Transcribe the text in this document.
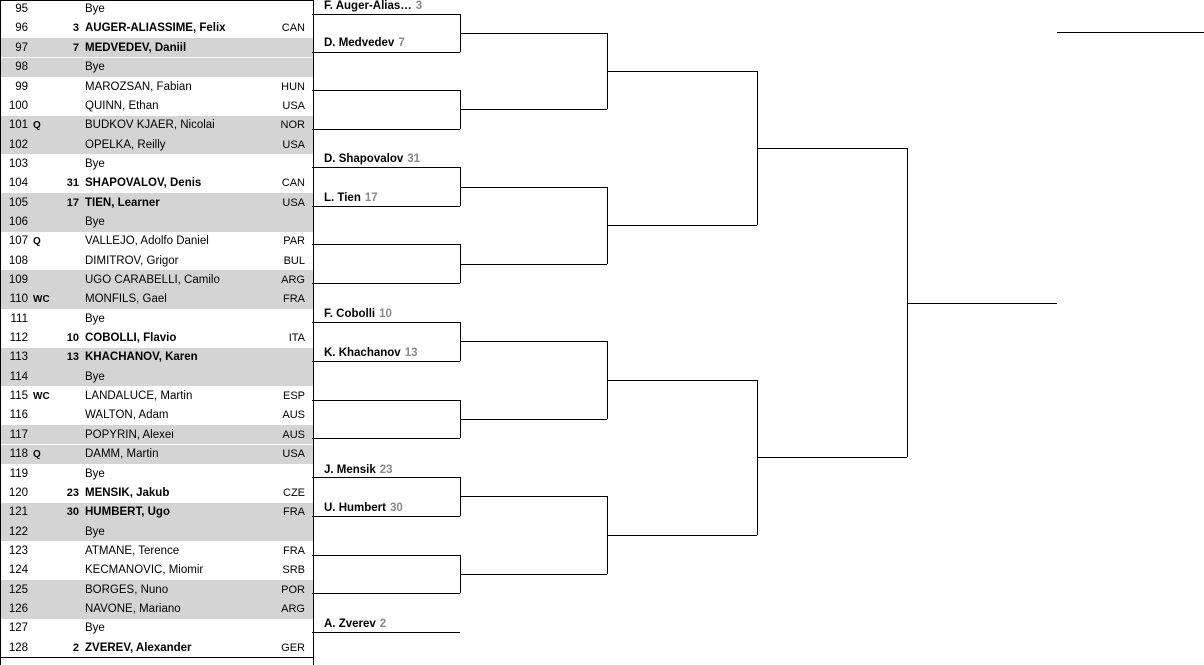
95	Bye
96	3 AUGER-ALIASSIME, Felix	CAN
97	7 MEDVEDEV, Daniil
98	Bye
99	MAROZSAN, Fabian	HUN
100	QUINN, Ethan	USA
101 Q	BUDKOV KJAER, Nicolai	NOR
102	OPELKA, Reilly	USA
103	Bye
104	31 SHAPOVALOV, Denis	CAN
105	17 TIEN, Learner	USA
106	Bye
107 Q	VALLEJO, Adolfo Daniel	PAR
108	DIMITROV, Grigor	BUL
109	UGO CARABELLI, Camilo	ARG
110 WC	MONFILS, Gael	FRA
111	Bye
112	10 COBOLLI, Flavio	ITA
113	13 KHACHANOV, Karen
114	Bye
115 WC	LANDALUCE, Martin	ESP
116	WALTON, Adam	AUS
117	POPYRIN, Alexei	AUS
118 Q	DAMM, Martin	USA
119	Bye
120	23 MENSIK, Jakub	CZE
121	30 HUMBERT, Ugo	FRA
122	Bye
123	ATMANE, Terence	FRA
124	KECMANOVIC, Miomir	SRB
125	BORGES, Nuno	POR
126	NAVONE, Mariano	ARG
127	Bye
128	2 ZVEREV, Alexander	GER
F. Auger-Alias… 3
D. Medvedev 7
D. Shapovalov 31
L. Tien 17
F. Cobolli 10
K. Khachanov 13
J. Mensik 23
U. Humbert 30
A. Zverev 2
